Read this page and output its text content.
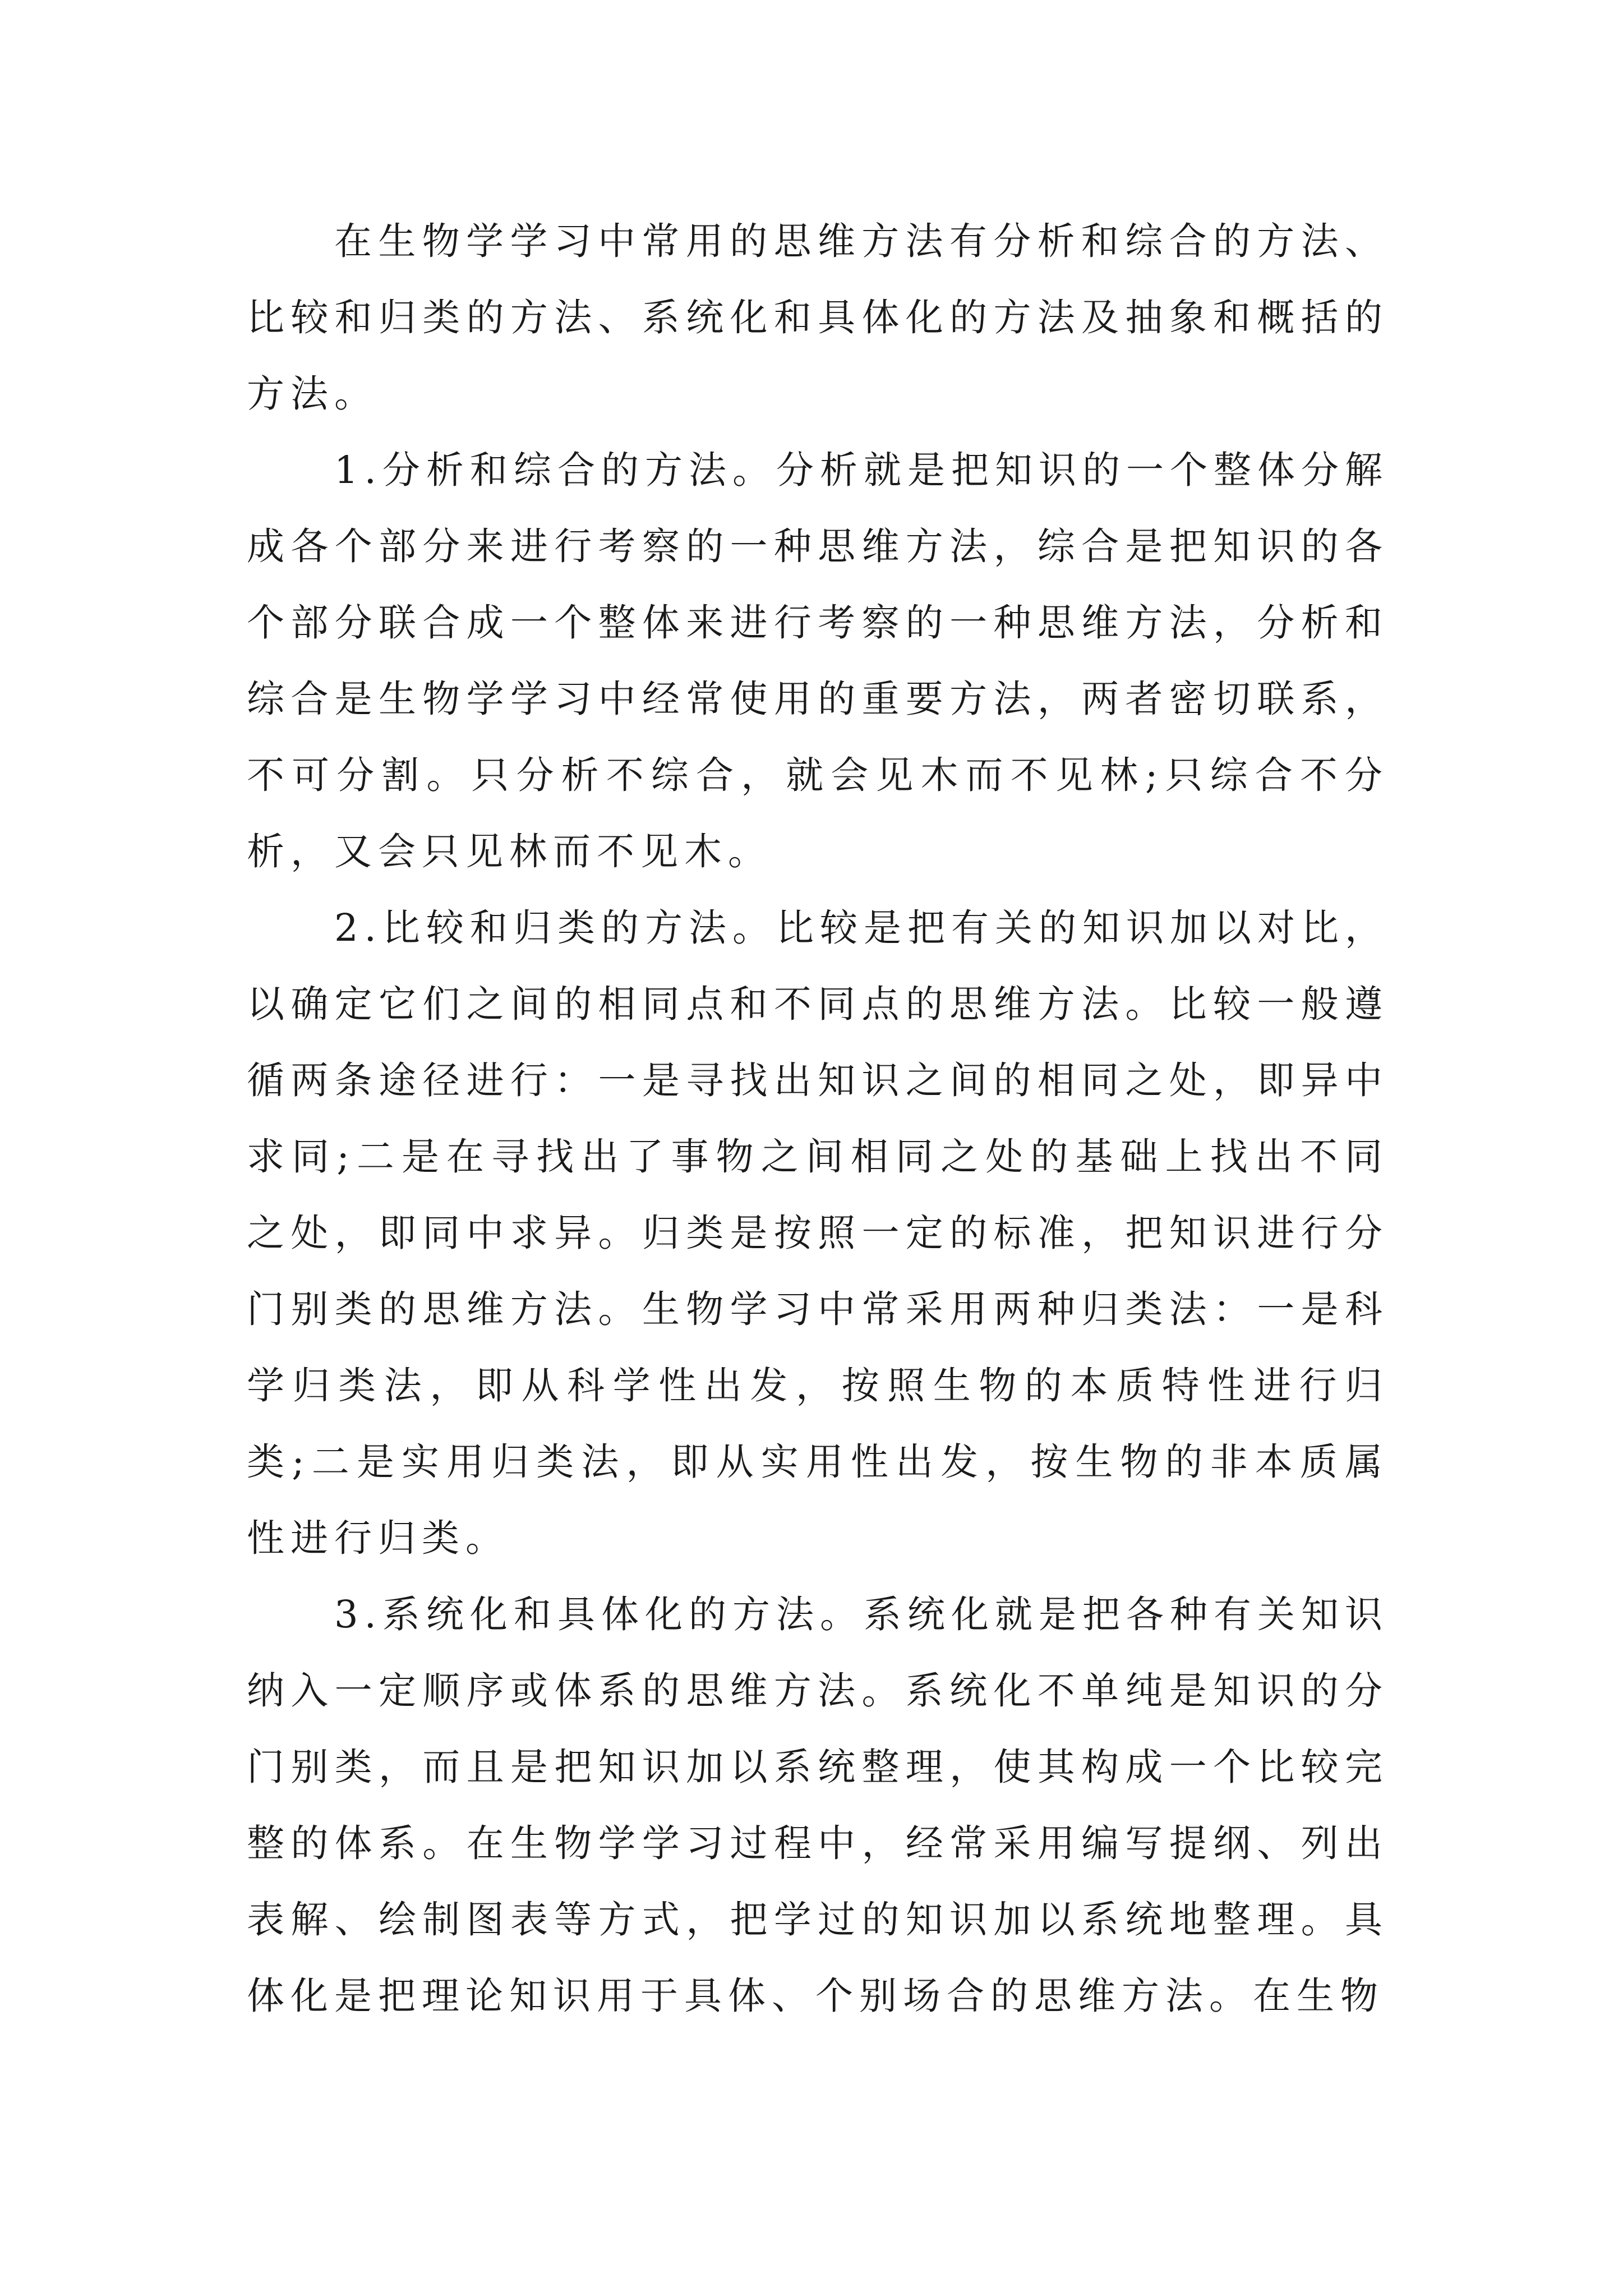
在生物学学习中常用的思维方法有分析和综合的方法、比较和归类的方法、系统化和具体化的方法及抽象和概括的方法。

1.分析和综合的方法。分析就是把知识的一个整体分解成各个部分来进行考察的一种思维方法，综合是把知识的各个部分联合成一个整体来进行考察的一种思维方法，分析和综合是生物学学习中经常使用的重要方法，两者密切联系，不可分割。只分析不综合，就会见木而不见林;只综合不分析，又会只见林而不见木。

2.比较和归类的方法。比较是把有关的知识加以对比，以确定它们之间的相同点和不同点的思维方法。比较一般遵循两条途径进行：一是寻找出知识之间的相同之处，即异中求同;二是在寻找出了事物之间相同之处的基础上找出不同之处，即同中求异。归类是按照一定的标准，把知识进行分门别类的思维方法。生物学习中常采用两种归类法：一是科学归类法，即从科学性出发，按照生物的本质特性进行归类;二是实用归类法，即从实用性出发，按生物的非本质属性进行归类。

3.系统化和具体化的方法。系统化就是把各种有关知识纳入一定顺序或体系的思维方法。系统化不单纯是知识的分门别类，而且是把知识加以系统整理，使其构成一个比较完整的体系。在生物学学习过程中，经常采用编写提纲、列出表解、绘制图表等方式，把学过的知识加以系统地整理。具体化是把理论知识用于具体、个别场合的思维方法。在生物
